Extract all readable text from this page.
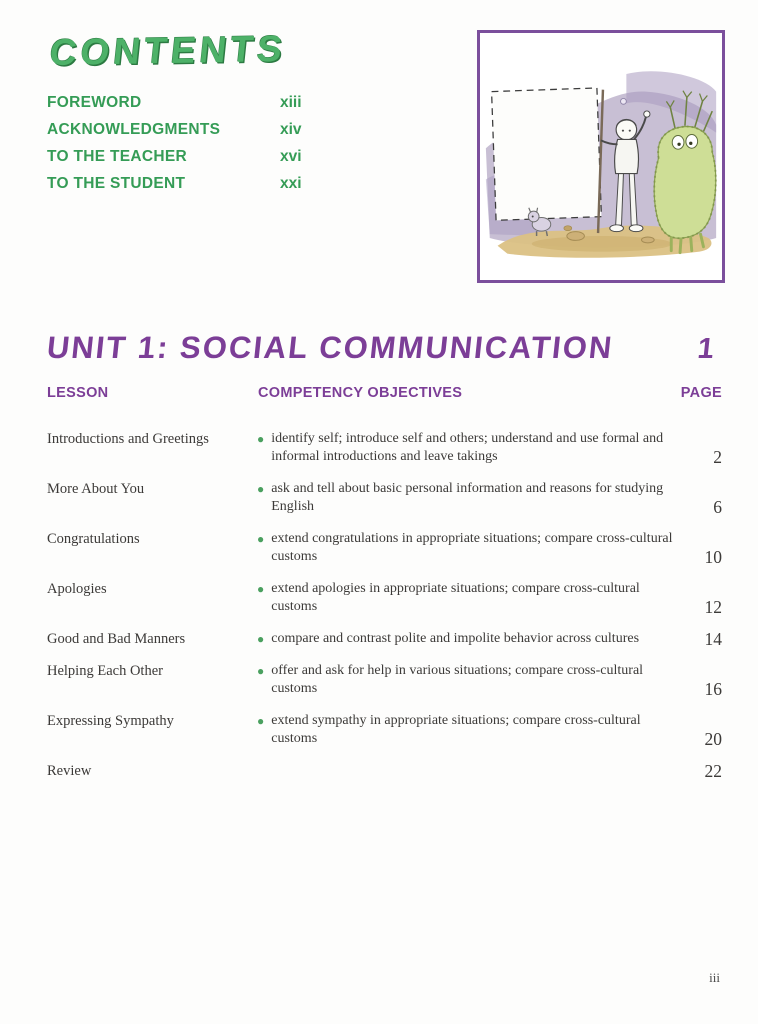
CONTENTS
FOREWORD	xiii
ACKNOWLEDGMENTS	xiv
TO THE TEACHER	xvi
TO THE STUDENT	xxi
UNIT 1: SOCIAL COMMUNICATION	1
LESSON	COMPETENCY OBJECTIVES	PAGE
Introductions and Greetings	● identify self; introduce self and others; understand and use formal and informal introductions and leave takings	2
More About You	● ask and tell about basic personal information and reasons for studying English	6
Congratulations	● extend congratulations in appropriate situations; compare cross-cultural customs	10
Apologies	● extend apologies in appropriate situations; compare cross-cultural customs	12
Good and Bad Manners	● compare and contrast polite and impolite behavior across cultures	14
Helping Each Other	● offer and ask for help in various situations; compare cross-cultural customs	16
Expressing Sympathy	● extend sympathy in appropriate situations; compare cross-cultural customs	20
Review	22
iii
